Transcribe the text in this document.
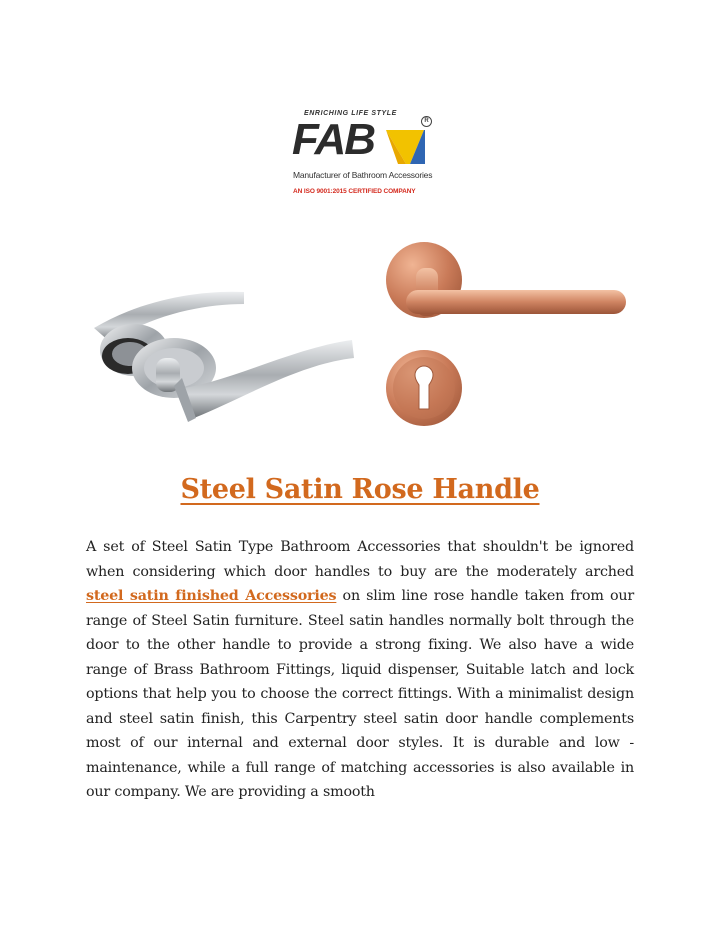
ENRICHING LIFE STYLE
R
FAB
Manufacturer of Bathroom Accessories
AN ISO 9001:2015 CERTIFIED COMPANY
Steel Satin Rose Handle

A set of Steel Satin Type Bathroom Accessories that shouldn't be ignored when considering which door handles to buy are the moderately arched steel satin finished Accessories on slim line rose handle taken from our range of Steel Satin furniture. Steel satin handles normally bolt through the door to the other handle to provide a strong fixing. We also have a wide range of Brass Bathroom Fittings, liquid dispenser, Suitable latch and lock options that help you to choose the correct fittings. With a minimalist design and steel satin finish, this Carpentry steel satin door handle complements most of our internal and external door styles. It is durable and low - maintenance, while a full range of matching accessories is also available in our company. We are providing a smooth
